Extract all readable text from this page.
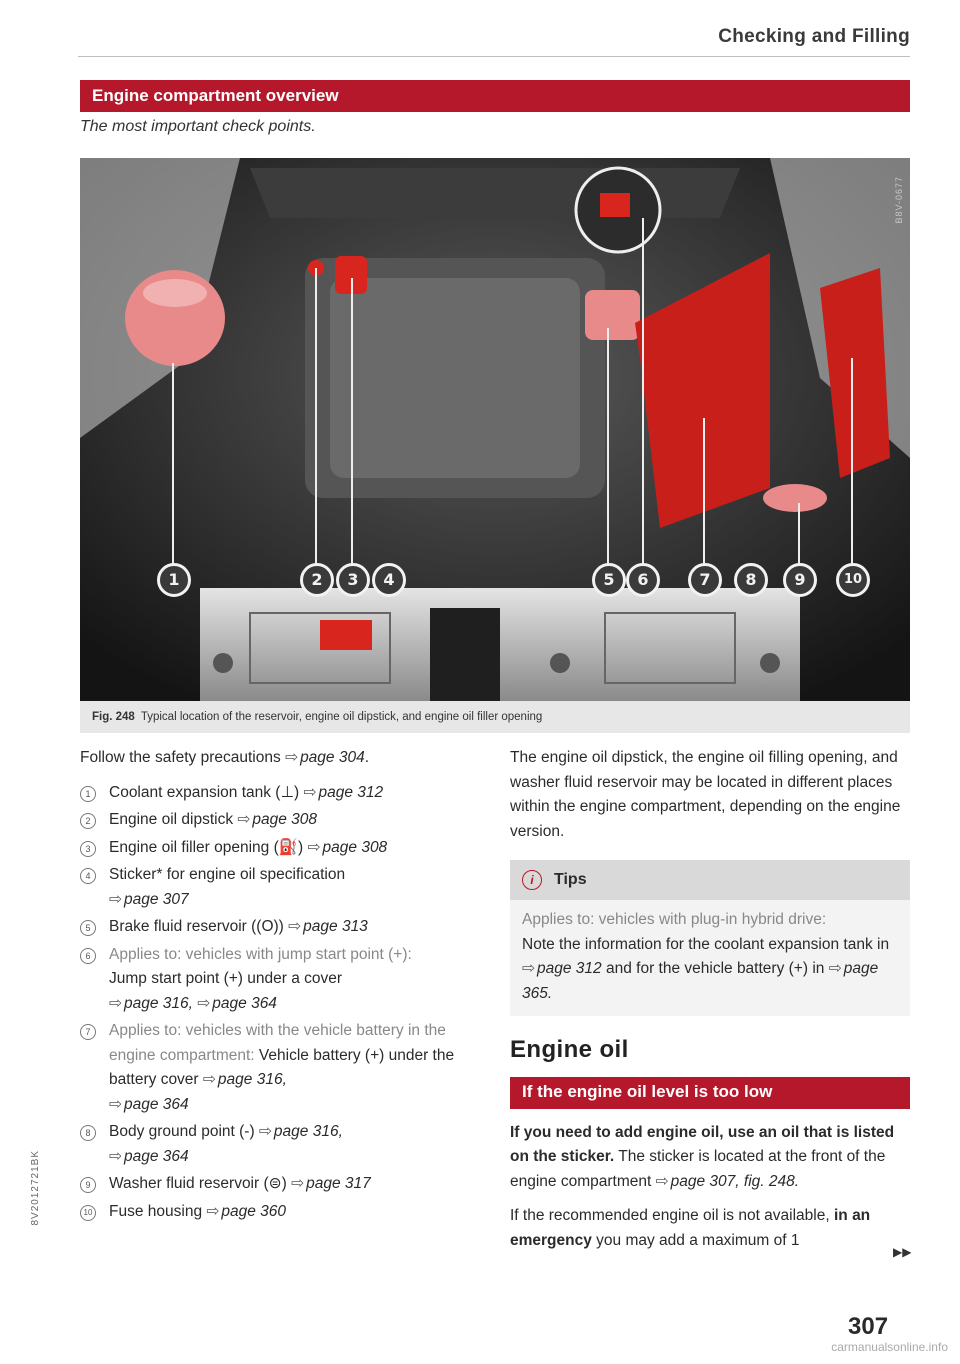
Checking and Filling
Engine compartment overview
The most important check points.
1	2	3	4	5	6	7	8	9	10
B8V-0677
Fig. 248 Typical location of the reservoir, engine oil dipstick, and engine oil filler opening

Follow the safety precautions ⇨ page 304.

1	Coolant expansion tank (⊥) ⇨ page 312
2	Engine oil dipstick ⇨ page 308
3	Engine oil filler opening (⛽) ⇨ page 308
4	Sticker* for engine oil specification
⇨ page 307
5	Brake fluid reservoir ((O)) ⇨ page 313
6	Applies to: vehicles with jump start point (+):
Jump start point (+) under a cover
⇨ page 316, ⇨ page 364
7	Applies to: vehicles with the vehicle battery in the engine compartment: Vehicle battery (+) under the battery cover ⇨ page 316,
⇨ page 364
8	Body ground point (-) ⇨ page 316,
⇨ page 364
9	Washer fluid reservoir (⊜) ⇨ page 317
10 Fuse housing ⇨ page 360

The engine oil dipstick, the engine oil filling opening, and washer fluid reservoir may be located in different places within the engine compartment, depending on the engine version.

i	Tips
Applies to: vehicles with plug-in hybrid drive:
Note the information for the coolant expansion tank in ⇨ page 312 and for the vehicle battery (+) in ⇨ page 365.
Engine oil
If the engine oil level is too low

If you need to add engine oil, use an oil that is listed on the sticker. The sticker is located at the front of the engine compartment ⇨ page 307, fig. 248.

If the recommended engine oil is not available, in an emergency you may add a maximum of 1

▶▶
8V2012721BK
307
carmanualsonline.info
